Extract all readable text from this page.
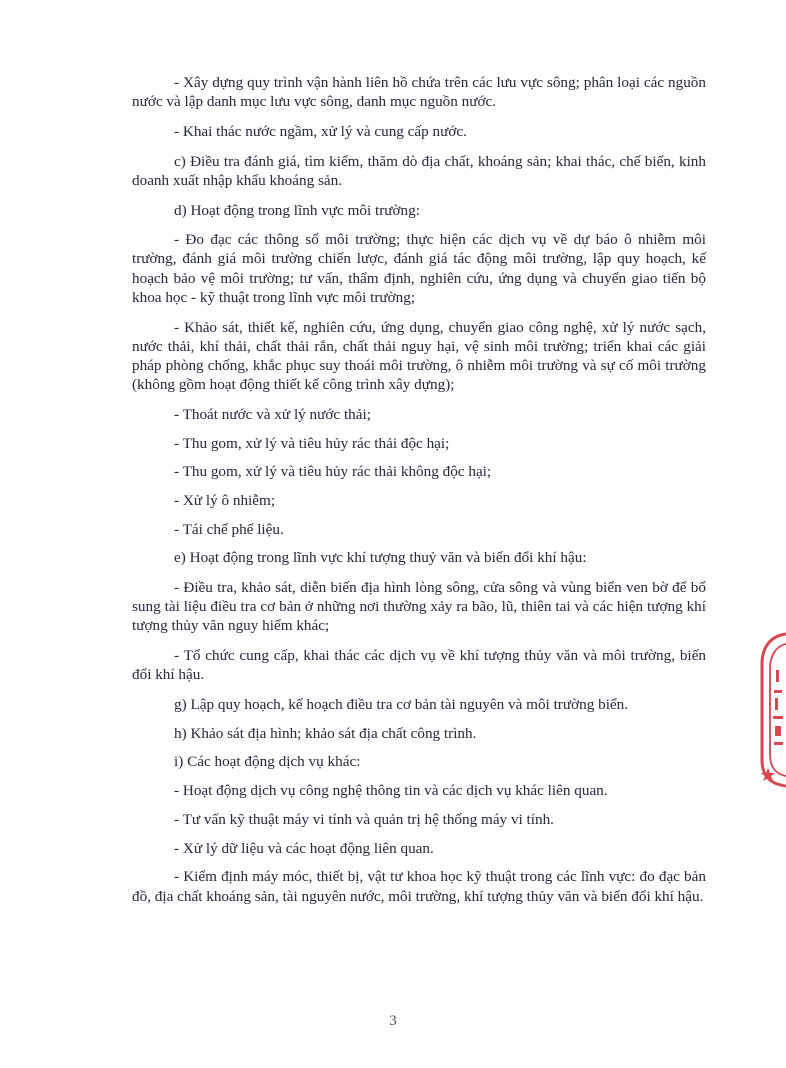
- Xây dựng quy trình vận hành liên hồ chứa trên các lưu vực sông; phân loại các nguồn nước và lập danh mục lưu vực sông, danh mục nguồn nước.

- Khai thác nước ngầm, xử lý và cung cấp nước.

c) Điều tra đánh giá, tìm kiếm, thăm dò địa chất, khoáng sản; khai thác, chế biến, kinh doanh xuất nhập khẩu khoáng sản.

d) Hoạt động trong lĩnh vực môi trường:

- Đo đạc các thông số môi trường; thực hiện các dịch vụ về dự báo ô nhiễm môi trường, đánh giá môi trường chiến lược, đánh giá tác động môi trường, lập quy hoạch, kế hoạch bảo vệ môi trường; tư vấn, thẩm định, nghiên cứu, ứng dụng và chuyển giao tiến bộ khoa học - kỹ thuật trong lĩnh vực môi trường;

- Khảo sát, thiết kế, nghiên cứu, ứng dụng, chuyển giao công nghệ, xử lý nước sạch, nước thải, khí thải, chất thải rắn, chất thải nguy hại, vệ sinh môi trường; triển khai các giải pháp phòng chống, khắc phục suy thoái môi trường, ô nhiễm môi trường và sự cố môi trường (không gồm hoạt động thiết kế công trình xây dựng);

- Thoát nước và xử lý nước thải;

- Thu gom, xử lý và tiêu hủy rác thải độc hại;

- Thu gom, xử lý và tiêu hủy rác thải không độc hại;

- Xử lý ô nhiễm;

- Tái chế phế liệu.

e) Hoạt động trong lĩnh vực khí tượng thuỷ văn và biến đổi khí hậu:

- Điều tra, khảo sát, diễn biến địa hình lòng sông, cửa sông và vùng biển ven bờ để bổ sung tài liệu điều tra cơ bản ở những nơi thường xảy ra bão, lũ, thiên tai và các hiện tượng khí tượng thủy văn nguy hiểm khác;

- Tổ chức cung cấp, khai thác các dịch vụ về khí tượng thủy văn và môi trường, biến đổi khí hậu.

g) Lập quy hoạch, kế hoạch điều tra cơ bản tài nguyên và môi trường biển.

h) Khảo sát địa hình; khảo sát địa chất công trình.

i) Các hoạt động dịch vụ khác:

- Hoạt động dịch vụ công nghệ thông tin và các dịch vụ khác liên quan.

- Tư vấn kỹ thuật máy vi tính và quản trị hệ thống máy vi tính.

- Xử lý dữ liệu và các hoạt động liên quan.

- Kiểm định máy móc, thiết bị, vật tư khoa học kỹ thuật trong các lĩnh vực: đo đạc bản đồ, địa chất khoáng sản, tài nguyên nước, môi trường, khí tượng thủy văn và biến đổi khí hậu.

3
